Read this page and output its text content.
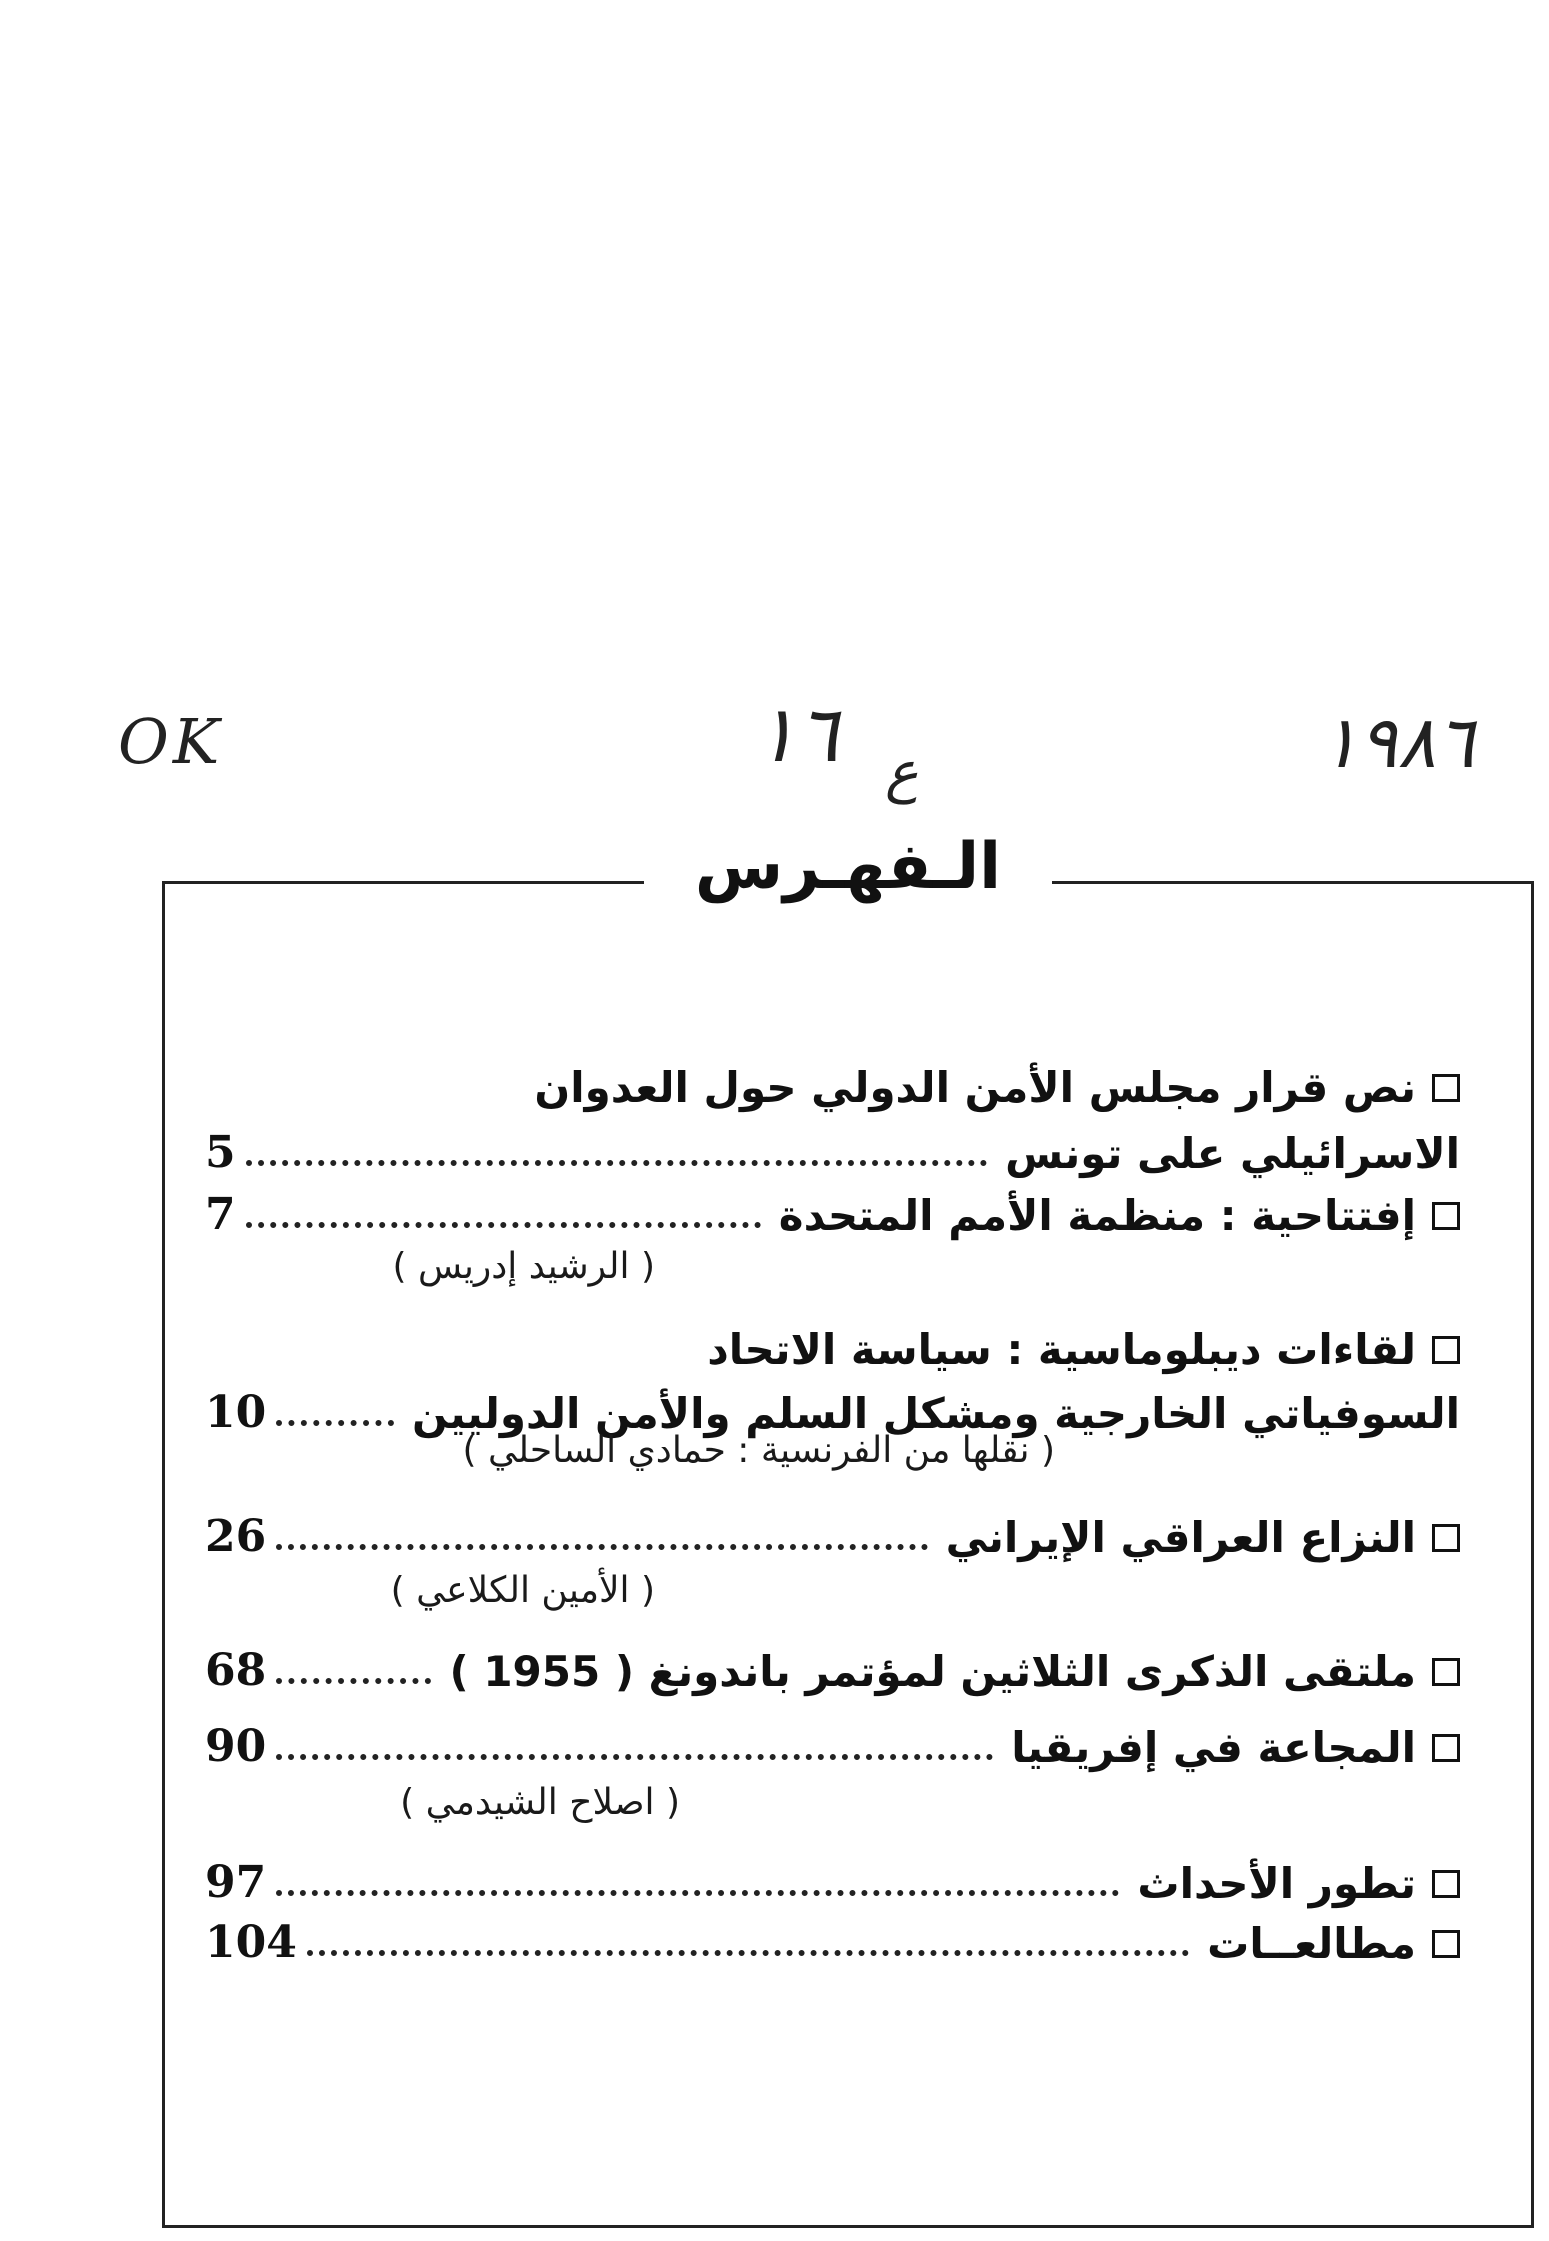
OK	١٦ ع	١٩٨٦
الـفهـرس
نص قرار مجلس الأمن الدولي حول العدوان
الاسرائيلي على تونس
5
إفتتاحية : منظمة الأمم المتحدة
7
( الرشيد إدريس )
لقاءات ديبلوماسية : سياسة الاتحاد
السوفياتي الخارجية ومشكل السلم والأمن الدوليين
10
( نقلها من الفرنسية : حمادي الساحلي )
النزاع العراقي الإيراني
26
( الأمين الكلاعي )
ملتقى الذكرى الثلاثين لمؤتمر باندونغ ( 1955 )
68
المجاعة في إفريقيا
90
( اصلاح الشيدمي )
تطور الأحداث
97
مطالعــات
104
